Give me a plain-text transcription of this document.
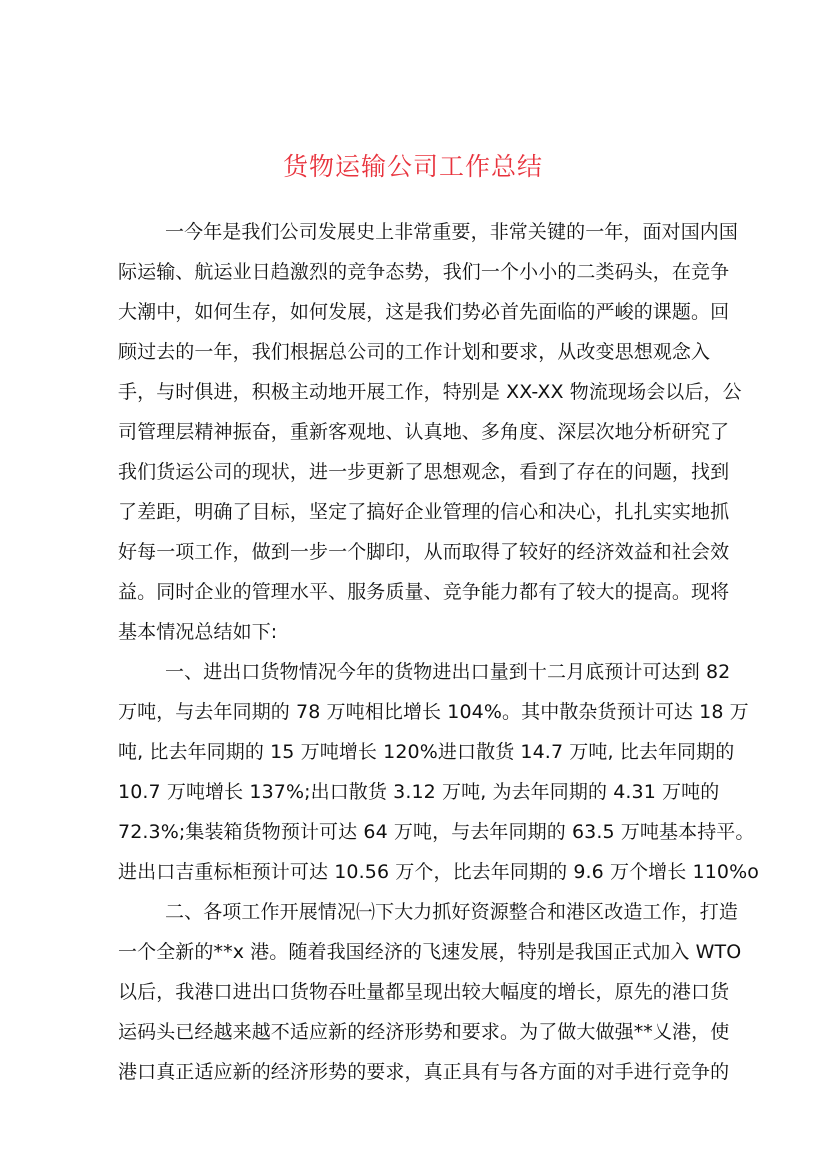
货物运输公司工作总结
一今年是我们公司发展史上非常重要，非常关键的一年，面对国内国
际运输、航运业日趋激烈的竞争态势，我们一个小小的二类码头，在竞争
大潮中，如何生存，如何发展，这是我们势必首先面临的严峻的课题。回
顾过去的一年，我们根据总公司的工作计划和要求，从改变思想观念入
手，与时俱进，积极主动地开展工作，特别是 XX-XX 物流现场会以后，公
司管理层精神振奋，重新客观地、认真地、多角度、深层次地分析研究了
我们货运公司的现状，进一步更新了思想观念，看到了存在的问题，找到
了差距，明确了目标，坚定了搞好企业管理的信心和决心，扎扎实实地抓
好每一项工作，做到一步一个脚印，从而取得了较好的经济效益和社会效
益。同时企业的管理水平、服务质量、竞争能力都有了较大的提高。现将
基本情况总结如下:
一、进出口货物情况今年的货物进出口量到十二月底预计可达到 82
万吨，与去年同期的 78 万吨相比增长 104%。其中散杂货预计可达 18 万
吨, 比去年同期的 15 万吨增长 120%进口散货 14.7 万吨, 比去年同期的
10.7 万吨增长 137%;出口散货 3.12 万吨, 为去年同期的 4.31 万吨的
72.3%;集装箱货物预计可达 64 万吨，与去年同期的 63.5 万吨基本持平。
进出口吉重标柜预计可达 10.56 万个，比去年同期的 9.6 万个增长 110%o
二、各项工作开展情况㈠下大力抓好资源整合和港区改造工作，打造
一个全新的**x 港。随着我国经济的飞速发展，特别是我国正式加入 WTO
以后，我港口进出口货物吞吐量都呈现出较大幅度的增长，原先的港口货
运码头已经越来越不适应新的经济形势和要求。为了做大做强**乂港，使
港口真正适应新的经济形势的要求，真正具有与各方面的对手进行竞争的
